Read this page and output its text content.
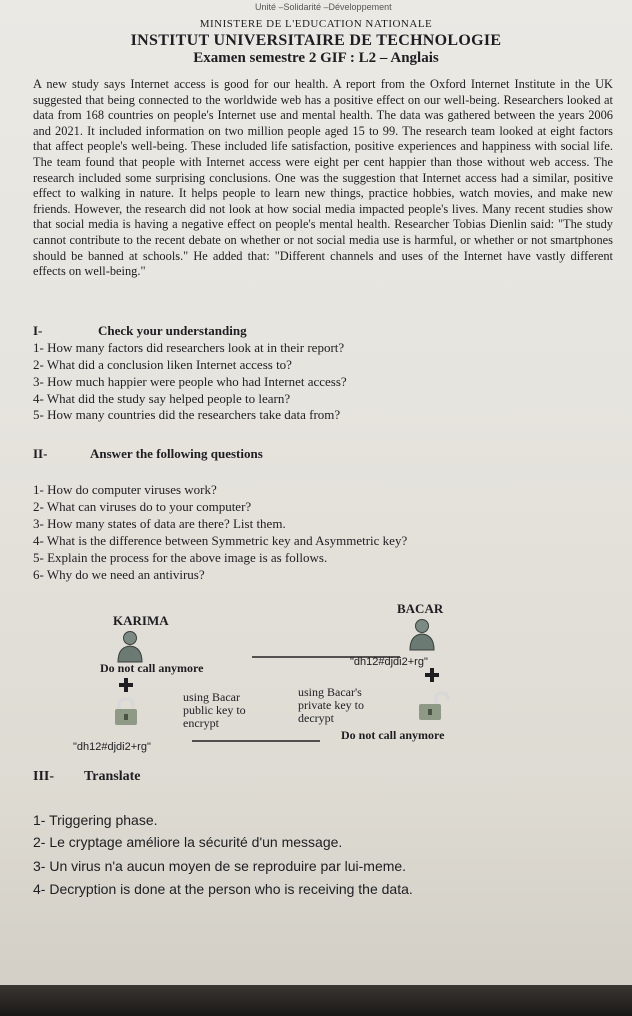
Unité –Solidarité –Développement
MINISTERE DE L'EDUCATION NATIONALE
INSTITUT UNIVERSITAIRE DE TECHNOLOGIE
Examen semestre 2 GIF : L2 – Anglais

A new study says Internet access is good for our health. A report from the Oxford Internet Institute in the UK suggested that being connected to the worldwide web has a positive effect on our well-being. Researchers looked at data from 168 countries on people's Internet use and mental health. The data was gathered between the years 2006 and 2021. It included information on two million people aged 15 to 99. The research team looked at eight factors that affect people's well-being. These included life satisfaction, positive experiences and happiness with social life. The team found that people with Internet access were eight per cent happier than those without web access. The research included some surprising conclusions. One was the suggestion that Internet access had a similar, positive effect to walking in nature. It helps people to learn new things, practice hobbies, watch movies, and make new friends. However, the research did not look at how social media impacted people's lives. Many recent studies show that social media is having a negative effect on people's mental health. Researcher Tobias Dienlin said: "The study cannot contribute to the recent debate on whether or not social media use is harmful, or whether or not smartphones should be banned at schools." He added that: "Different channels and uses of the Internet have vastly different effects on well-being."

I-	Check your understanding
1- How many factors did researchers look at in their report?
2- What did a conclusion liken Internet access to?
3- How much happier were people who had Internet access?
4- What did the study say helped people to learn?
5- How many countries did the researchers take data from?
II-	Answer the following questions
1- How do computer viruses work?
2- What can viruses do to your computer?
3- How many states of data are there? List them.
4- What is the difference between Symmetric key and Asymmetric key?
5- Explain the process for the above image is as follows.
6- Why do we need an antivirus?
KARIMA
BACAR
Do not call anymore	"dh12#djdi2+rg"
using Bacar
public key to
encrypt
using Bacar's
private key to
decrypt
"dh12#djdi2+rg"
Do not call anymore
III- Translate
1- Triggering phase.
2- Le cryptage améliore la sécurité d'un message.
3- Un virus n'a aucun moyen de se reproduire par lui-meme.
4- Decryption is done at the person who is receiving the data.
